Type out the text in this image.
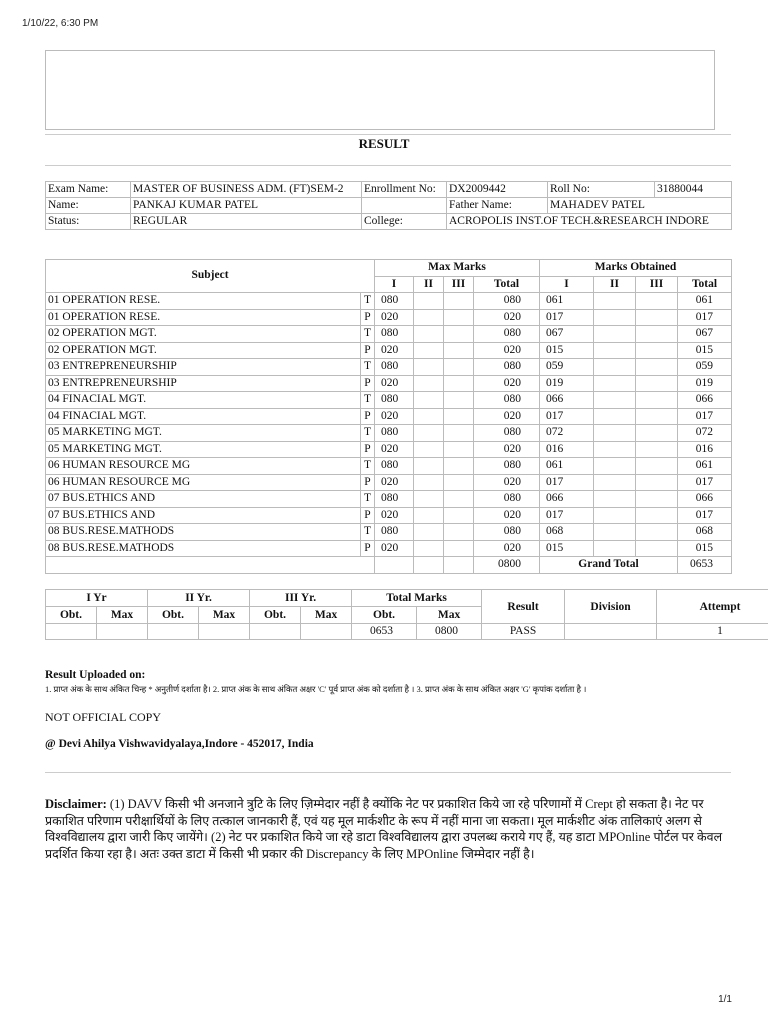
1/10/22, 6:30 PM
RESULT
Exam Name:	MASTER OF BUSINESS ADM. (FT)SEM-2	Enrollment No:	DX2009442	Roll No:	31880044
Name:	PANKAJ KUMAR PATEL		Father Name:	MAHADEV PATEL	
Status:	REGULAR	College:	ACROPOLIS INST.OF TECH.&RESEARCH INDORE		
Subject		Max Marks				Marks Obtained			
		I	II	III	Total	I	II	III	Total
01 OPERATION RESE.	T	080			080	061			061
01 OPERATION RESE.	P	020			020	017			017
02 OPERATION MGT.	T	080			080	067			067
02 OPERATION MGT.	P	020			020	015			015
03 ENTREPRENEURSHIP	T	080			080	059			059
03 ENTREPRENEURSHIP	P	020			020	019			019
04 FINACIAL MGT.	T	080			080	066			066
04 FINACIAL MGT.	P	020			020	017			017
05 MARKETING MGT.	T	080			080	072			072
05 MARKETING MGT.	P	020			020	016			016
06 HUMAN RESOURCE MG	T	080			080	061			061
06 HUMAN RESOURCE MG	P	020			020	017			017
07 BUS.ETHICS AND	T	080			080	066			066
07 BUS.ETHICS AND	P	020			020	017			017
08 BUS.RESE.MATHODS	T	080			080	068			068
08 BUS.RESE.MATHODS	P	020			020	015			015
					0800	Grand Total			0653
I Yr		II Yr.		III Yr.		Total Marks		Result	Division	Attempt
Obt.	Max	Obt.	Max	Obt.	Max	Obt.	Max			
						0653	0800	PASS		1
Result Uploaded on:
1. प्राप्त अंक के साथ अंकित चिन्ह * अनुतीर्ण दर्शाता है। 2. प्राप्त अंक के साथ अंकित अक्षर 'C' पूर्व प्राप्त अंक को दर्शाता है । 3. प्राप्त अंक के साथ अंकित अक्षर 'G' कृपांक दर्शाता है ।
NOT OFFICIAL COPY
@ Devi Ahilya Vishwavidyalaya,Indore - 452017, India
Disclaimer: (1) DAVV किसी भी अनजाने त्रुटि के लिए ज़िम्मेदार नहीं है क्योंकि नेट पर प्रकाशित किये जा रहे परिणामों में Crept हो सकता है। नेट पर प्रकाशित परिणाम परीक्षार्थियों के लिए तत्काल जानकारी हैं, एवं यह मूल मार्कशीट के रूप में नहीं माना जा सकता। मूल मार्कशीट अंक तालिकाएं अलग से विश्वविद्यालय द्वारा जारी किए जायेंगे। (2) नेट पर प्रकाशित किये जा रहे डाटा विश्वविद्यालय द्वारा उपलब्ध कराये गए हैं, यह डाटा MPOnline पोर्टल पर केवल प्रदर्शित किया रहा है। अतः उक्त डाटा में किसी भी प्रकार की Discrepancy के लिए MPOnline जिम्मेदार नहीं है।
1/1
